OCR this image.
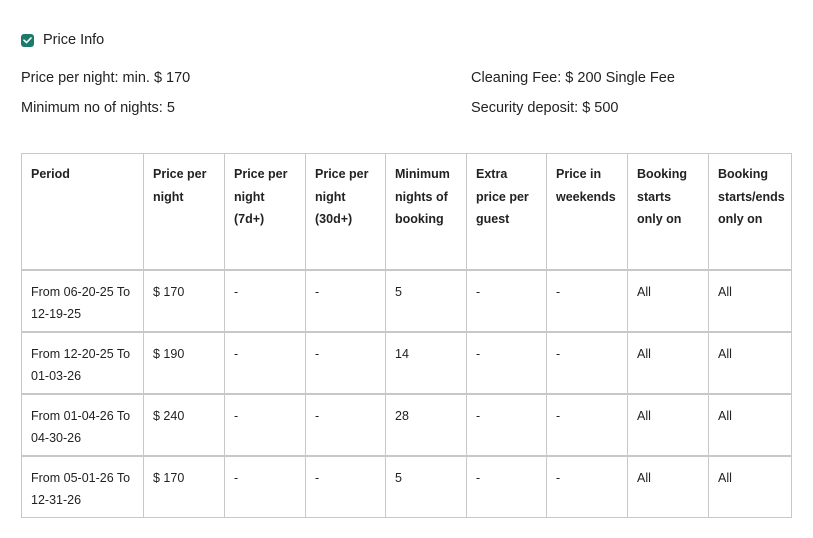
Price Info
Price per night: min. $ 170
Minimum no of nights: 5
Cleaning Fee: $ 200 Single Fee
Security deposit: $ 500
Period	Price per night	Price per night (7d+)	Price per night (30d+)	Minimum nights of booking	Extra price per guest	Price in weekends	Booking starts only on	Booking starts/ends only on
From 06-20-25 To 12-19-25	$ 170	-	-	5	-	-	All	All
From 12-20-25 To 01-03-26	$ 190	-	-	14	-	-	All	All
From 01-04-26 To 04-30-26	$ 240	-	-	28	-	-	All	All
From 05-01-26 To 12-31-26	$ 170	-	-	5	-	-	All	All
